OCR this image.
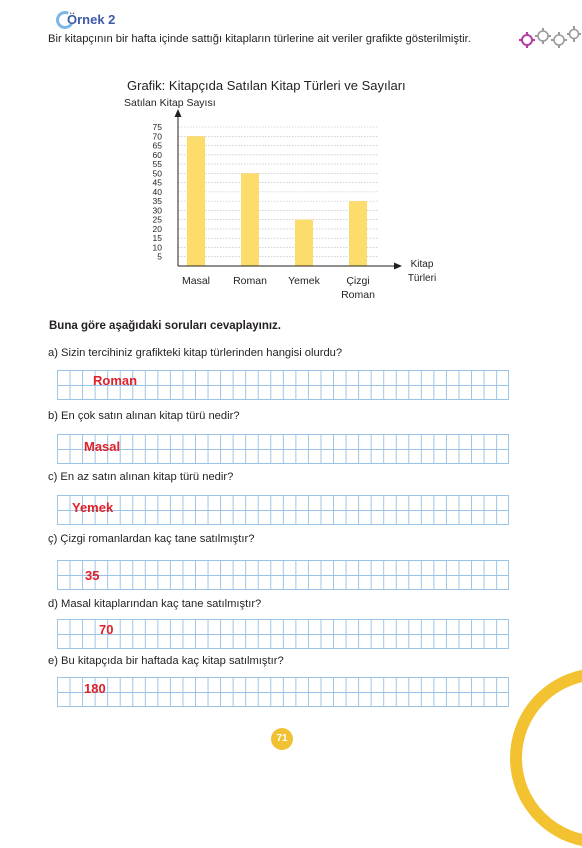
Örnek 2
Bir kitapçının bir hafta içinde sattığı kitapların türlerine ait veriler grafikte gösterilmiştir.
Grafik: Kitapçıda Satılan Kitap Türleri ve Sayıları
Satılan Kitap Sayısı
5
10
15
20
25
30
35
40
45
50
55
60
65
70
75
Masal Roman Yemek	Çizgi
Roman
Kitap
Türleri
Buna göre aşağıdaki soruları cevaplayınız.
a) Sizin tercihiniz grafikteki kitap türlerinden hangisi olurdu?
Roman
b) En çok satın alınan kitap türü nedir?
Masal
c) En az satın alınan kitap türü nedir?
Yemek
ç) Çizgi romanlardan kaç tane satılmıştır?
35
d) Masal kitaplarından kaç tane satılmıştır?
70
e) Bu kitapçıda bir haftada kaç kitap satılmıştır?
180
71
